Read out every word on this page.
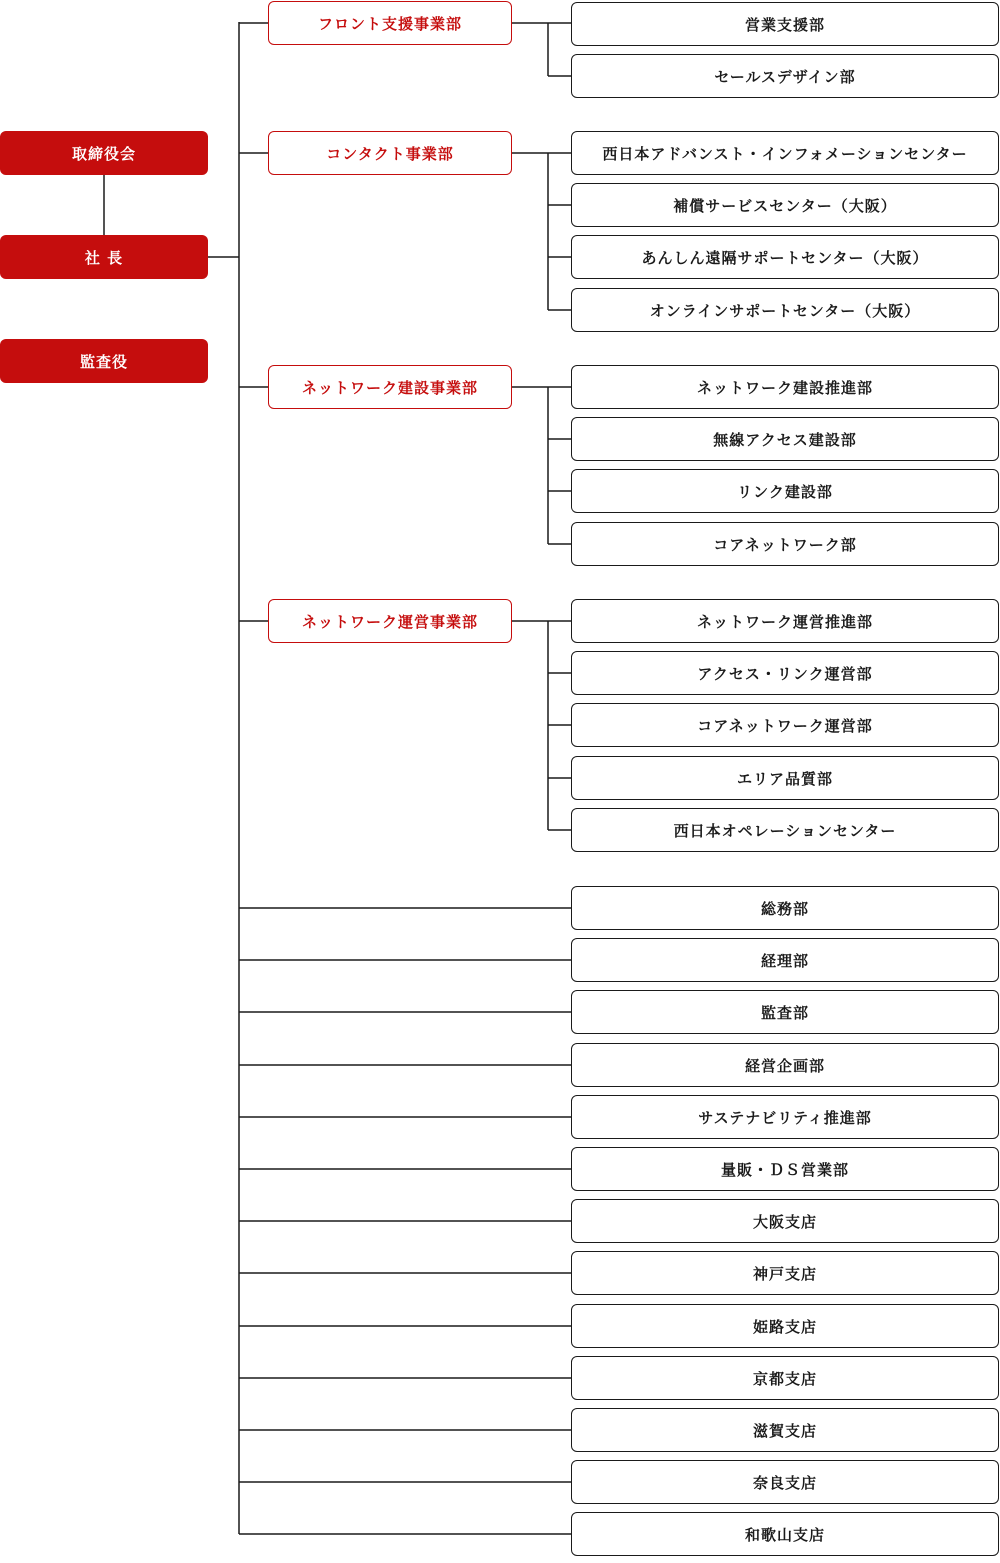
取締役会
社 長
監査役
フロント支援事業部	営業支援部
セールスデザイン部
コンタクト事業部	西日本アドバンスト・インフォメーションセンター
補償サービスセンター（大阪）
あんしん遠隔サポートセンター（大阪）
オンラインサポートセンター（大阪）
ネットワーク建設事業部	ネットワーク建設推進部
無線アクセス建設部
リンク建設部
コアネットワーク部
ネットワーク運営事業部	ネットワーク運営推進部
アクセス・リンク運営部
コアネットワーク運営部
エリア品質部
西日本オペレーションセンター
総務部
経理部
監査部
経営企画部
サステナビリティ推進部
量販・ＤＳ営業部
大阪支店
神戸支店
姫路支店
京都支店
滋賀支店
奈良支店
和歌山支店
